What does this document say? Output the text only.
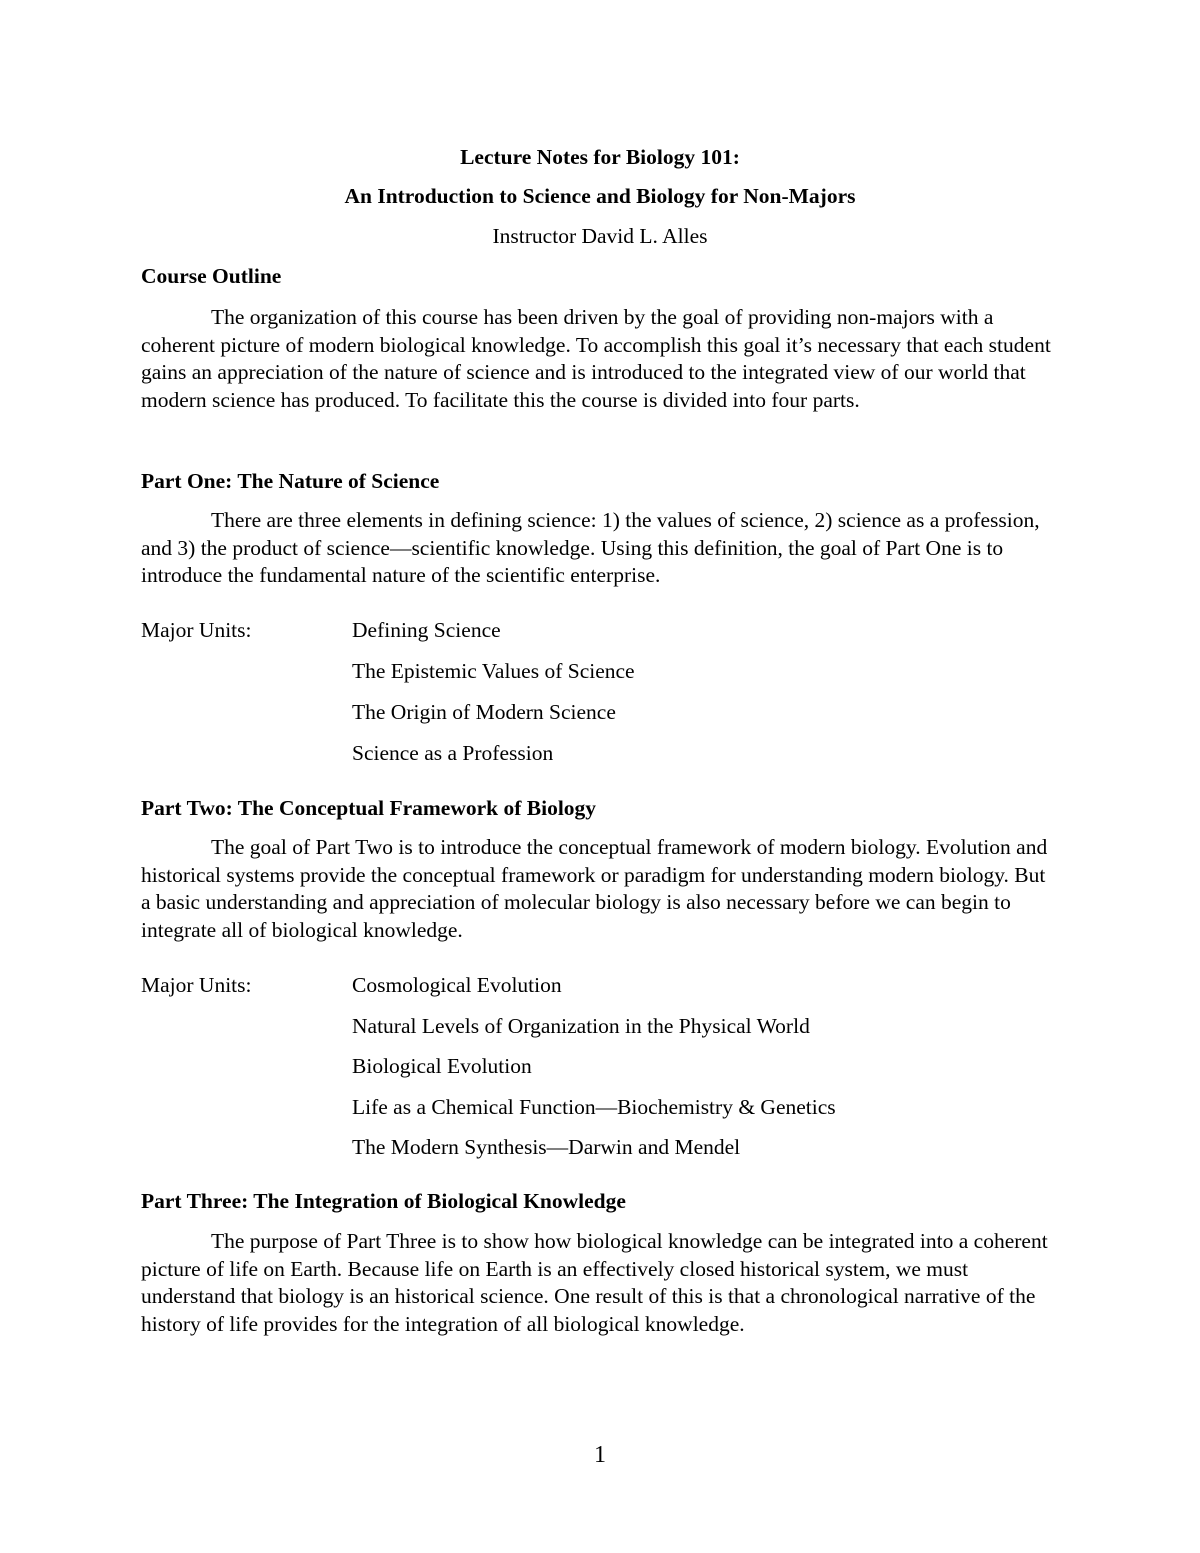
Lecture Notes for Biology 101:
An Introduction to Science and Biology for Non-Majors
Instructor David L. Alles
Course Outline
The organization of this course has been driven by the goal of providing non-majors with a coherent picture of modern biological knowledge. To accomplish this goal it’s necessary that each student gains an appreciation of the nature of science and is introduced to the integrated view of our world that modern science has produced. To facilitate this the course is divided into four parts.
Part One: The Nature of Science
There are three elements in defining science: 1) the values of science, 2) science as a profession, and 3) the product of science—scientific knowledge. Using this definition, the goal of Part One is to introduce the fundamental nature of the scientific enterprise.
Major Units:	Defining Science
The Epistemic Values of Science
The Origin of Modern Science
Science as a Profession
Part Two: The Conceptual Framework of Biology
The goal of Part Two is to introduce the conceptual framework of modern biology. Evolution and historical systems provide the conceptual framework or paradigm for understanding modern biology. But a basic understanding and appreciation of molecular biology is also necessary before we can begin to integrate all of biological knowledge.
Major Units:	Cosmological Evolution
Natural Levels of Organization in the Physical World
Biological Evolution
Life as a Chemical Function—Biochemistry & Genetics
The Modern Synthesis—Darwin and Mendel
Part Three: The Integration of Biological Knowledge
The purpose of Part Three is to show how biological knowledge can be integrated into a coherent picture of life on Earth. Because life on Earth is an effectively closed historical system, we must understand that biology is an historical science. One result of this is that a chronological narrative of the history of life provides for the integration of all biological knowledge.
1
